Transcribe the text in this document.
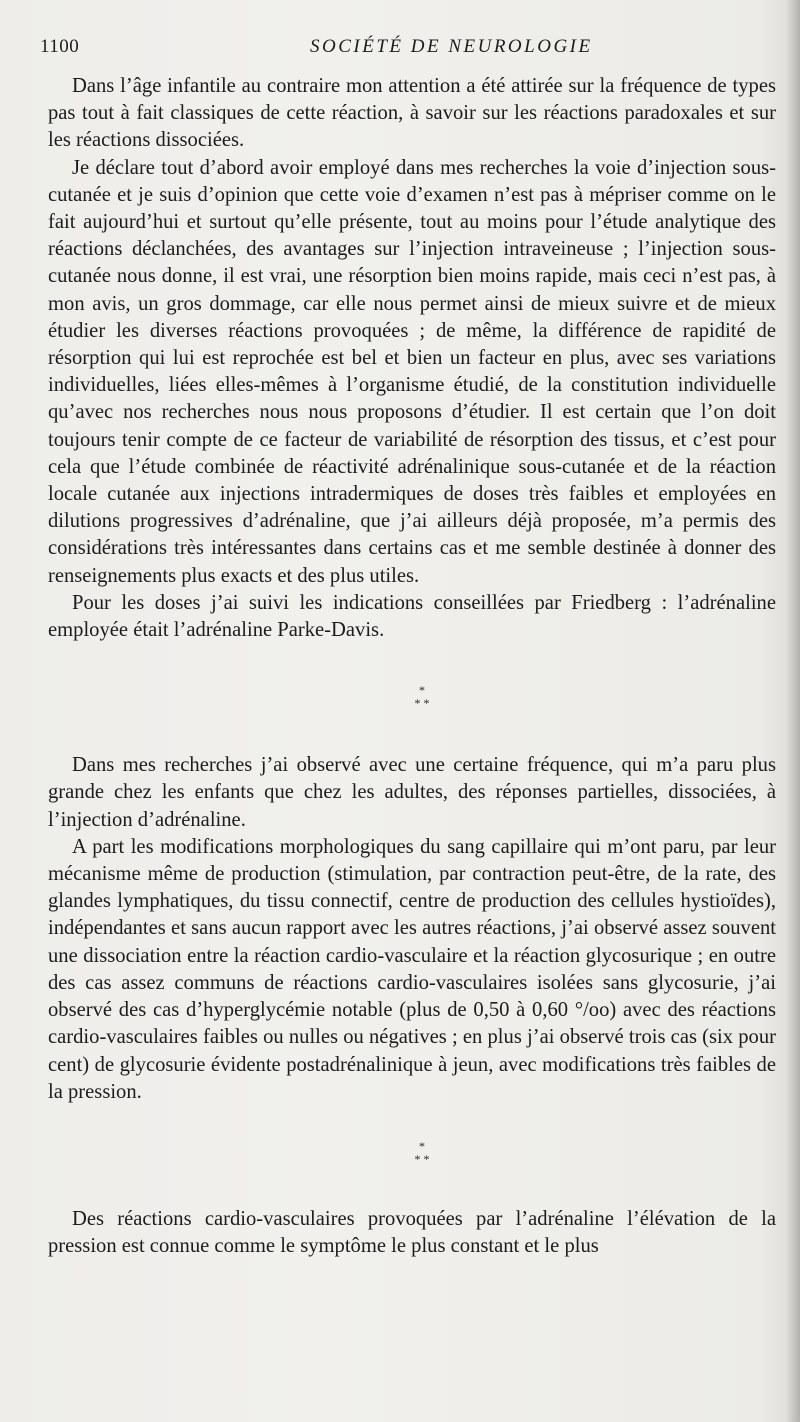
1100	SOCIÉTÉ DE NEUROLOGIE

Dans l’âge infantile au contraire mon attention a été attirée sur la fréquence de types pas tout à fait classiques de cette réaction, à savoir sur les réactions paradoxales et sur les réactions dissociées.

Je déclare tout d’abord avoir employé dans mes recherches la voie d’injection sous-cutanée et je suis d’opinion que cette voie d’examen n’est pas à mépriser comme on le fait aujourd’hui et surtout qu’elle présente, tout au moins pour l’étude analytique des réactions déclanchées, des avantages sur l’injection intraveineuse ; l’injection sous-cutanée nous donne, il est vrai, une résorption bien moins rapide, mais ceci n’est pas, à mon avis, un gros dommage, car elle nous permet ainsi de mieux suivre et de mieux étudier les diverses réactions provoquées ; de même, la différence de rapidité de résorption qui lui est reprochée est bel et bien un facteur en plus, avec ses variations individuelles, liées elles-mêmes à l’organisme étudié, de la constitution individuelle qu’avec nos recherches nous nous proposons d’étudier. Il est certain que l’on doit toujours tenir compte de ce facteur de variabilité de résorption des tissus, et c’est pour cela que l’étude combinée de réactivité adrénalinique sous-cutanée et de la réaction locale cutanée aux injections intradermiques de doses très faibles et employées en dilutions progressives d’adrénaline, que j’ai ailleurs déjà proposée, m’a permis des considérations très intéressantes dans certains cas et me semble destinée à donner des renseignements plus exacts et des plus utiles.

Pour les doses j’ai suivi les indications conseillées par Friedberg : l’adrénaline employée était l’adrénaline Parke-Davis.

*
* *

Dans mes recherches j’ai observé avec une certaine fréquence, qui m’a paru plus grande chez les enfants que chez les adultes, des réponses partielles, dissociées, à l’injection d’adrénaline.

A part les modifications morphologiques du sang capillaire qui m’ont paru, par leur mécanisme même de production (stimulation, par contraction peut-être, de la rate, des glandes lymphatiques, du tissu connectif, centre de production des cellules hystioïdes), indépendantes et sans aucun rapport avec les autres réactions, j’ai observé assez souvent une dissociation entre la réaction cardio-vasculaire et la réaction glycosurique ; en outre des cas assez communs de réactions cardio-vasculaires isolées sans glycosurie, j’ai observé des cas d’hyperglycémie notable (plus de 0,50 à 0,60 °/oo) avec des réactions cardio-vasculaires faibles ou nulles ou négatives ; en plus j’ai observé trois cas (six pour cent) de glycosurie évidente postadrénalinique à jeun, avec modifications très faibles de la pression.

*
* *

Des réactions cardio-vasculaires provoquées par l’adrénaline l’élévation de la pression est connue comme le symptôme le plus constant et le plus
